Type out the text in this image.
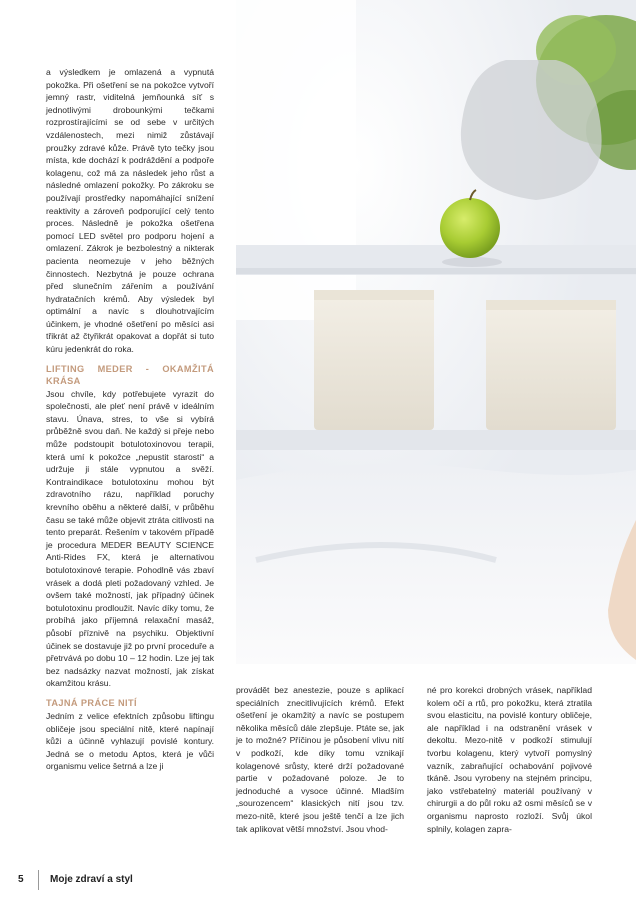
a výsledkem je omlazená a vypnutá pokožka. Při ošetření se na pokožce vytvoří jemný rastr, viditelná jemňounká síť s jednotlivými drobounkými tečkami rozprostírajícími se od sebe v určitých vzdálenostech, mezi nimiž zůstávají proužky zdravé kůže. Právě tyto tečky jsou místa, kde dochází k podráždění a podpoře kolagenu, což má za následek jeho růst a následné omlazení pokožky. Po zákroku se používají prostředky napomáhající snížení reaktivity a zároveň podporující celý tento proces. Následně je pokožka ošetřena pomocí LED světel pro podporu hojení a omlazení. Zákrok je bezbolestný a nikterak pacienta neomezuje v jeho běžných činnostech. Nezbytná je pouze ochrana před slunečním zářením a používání hydratačních krémů. Aby výsledek byl optimální a navíc s dlouhotrvajícím účinkem, je vhodné ošetření po měsíci asi třikrát až čtyřikrát opakovat a dopřát si tuto kúru jedenkrát do roka.

LIFTING MEDER - OKAMŽITÁ KRÁSA

Jsou chvíle, kdy potřebujete vyrazit do společnosti, ale pleť není právě v ideálním stavu. Únava, stres, to vše si vybírá průběžně svou daň. Ne každý si přeje nebo může podstoupit botulotoxinovou terapii, která umí k pokožce „nepustit starosti“ a udržuje ji stále vypnutou a svěží. Kontraindikace botulotoxinu mohou být zdravotního rázu, například poruchy krevního oběhu a některé další, v průběhu času se také může objevit ztráta citlivosti na tento preparát. Řešením v takovém případě je procedura MEDER BEAUTY SCIENCE Anti-Rides FX, která je alternativou botulotoxinové terapie. Pohodlně vás zbaví vrásek a dodá pleti požadovaný vzhled. Je ovšem také možností, jak případný účinek botulotoxinu prodloužit. Navíc díky tomu, že probíhá jako příjemná relaxační masáž, působí příznivě na psychiku. Objektivní účinek se dostavuje již po první proceduře a přetrvává po dobu 10 – 12 hodin. Lze jej tak bez nadsázky nazvat možností, jak získat okamžitou krásu.

TAJNÁ PRÁCE NITÍ

Jedním z velice efektních způsobu liftingu obličeje jsou speciální nitě, které napínají kůži a účinně vyhlazují povislé kontury. Jedná se o metodu Aptos, která je vůči organismu velice šetrná a lze ji

provádět bez anestezie, pouze s aplikací speciálních znecitlivujících krémů. Efekt ošetření je okamžitý a navíc se postupem několika měsíců dále zlepšuje. Ptáte se, jak je to možné? Příčinou je působení vlivu nití v podkoží, kde díky tomu vznikají kolagenové srůsty, které drží požadované partie v požadované poloze. Je to jednoduché a vysoce účinné. Mladším „sourozencem“ klasických nití jsou tzv. mezo-nitě, které jsou ještě tenčí a lze jich tak aplikovat větší množství. Jsou vhod-

né pro korekci drobných vrásek, například kolem očí a rtů, pro pokožku, která ztratila svou elasticitu, na povislé kontury obličeje, ale například i na odstranění vrásek v dekoltu. Mezo-nitě v podkoží stimulují tvorbu kolagenu, který vytvoří pomyslný vazník, zabraňující ochabování pojivové tkáně. Jsou vyrobeny na stejném principu, jako vstřebatelný materiál používaný v chirurgii a do půl roku až osmi měsíců se v organismu naprosto rozloží. Svůj úkol splnily, kolagen zapra-

5	Moje zdraví a styl
